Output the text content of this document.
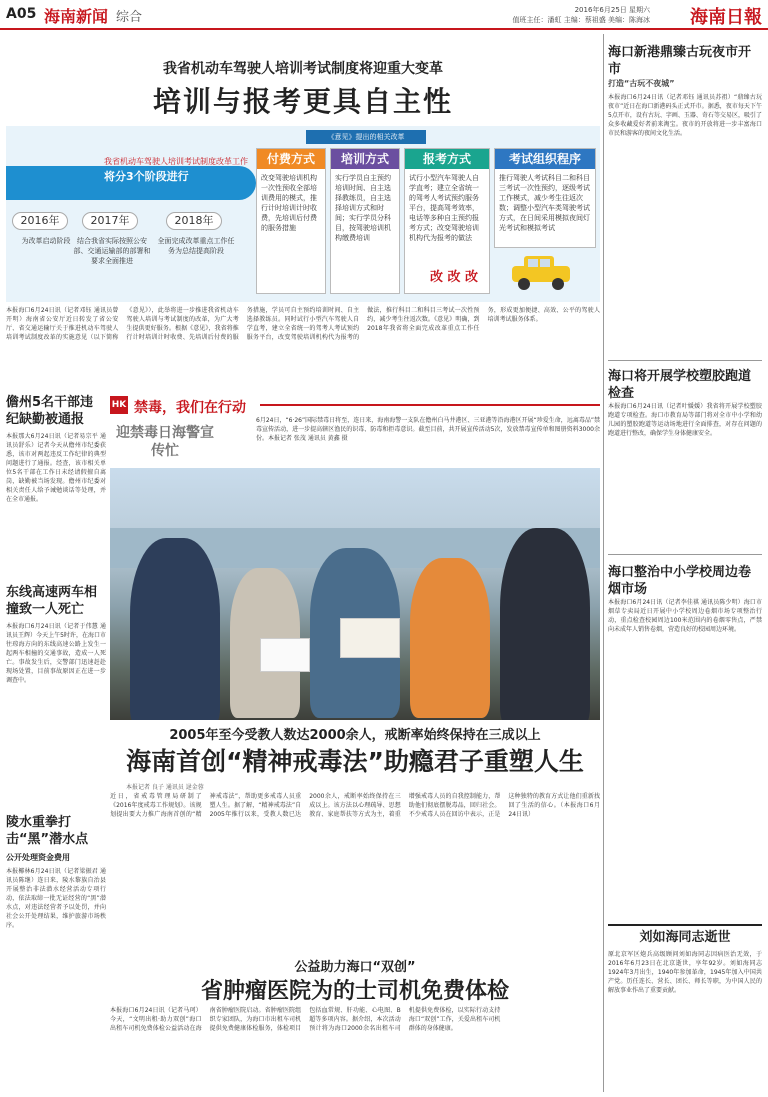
A05 海南新闻 综合	2016年6月25日 星期六
值班主任：潘虹 主编：蔡祖盛 美编：陈海冰 海南日報
我省机动车驾驶人培训考试制度将迎重大变革
培训与报考更具自主性
《意见》提出的相关改革
我省机动车驾驶人培训考试制度改革工作
将分3个阶段进行
2016年	2017年	2018年
为改革启动阶段 结合我省实际按照公安部、交通运输部的部署和要求全面推进
全面完成改革重点工作任务为总结提高阶段
付费方式
改变驾驶培训机构一次性预收全部培训费用的模式，推行计时培训计时收费，先培训后付费的服务措施
培训方式
实行学员自主预约培训时间、自主选择教练员，自主选择培训方式和时间；实行学员分科目，按驾驶培训机构缴费培训
报考方式
试行小型汽车驾驶人自学直考；建立全省统一的驾考人考试预约服务平台，提高驾考效率，电话等多种自主预约报考方式；改变驾驶培训机构代为报考的做法
考试组织程序
推行驾驶人考试科目二和科目三考试一次性预约，逐级考试工作模式，减少考生往返次数；调整小型汽车类驾驶考试方式，在日间采用模拟夜间灯光考试和模拟考试
改 改 改
本报海口6月24日讯（记者邓钰 通讯员曾开明）海南省公安厅近日转发了省公安厅、省交通运输厅关于推进机动车驾驶人培训考试制度改革的实施意见（以下简称《意见》），此举将进一步推进我省机动车驾驶人培训与考试制度的改革，为广大考生提供更好服务。根据《意见》，我省将推行计时培训计时收费、先培训后付费的服务措施，学员可自主预约培训时间、自主选择教练员。同时试行小型汽车驾驶人自学直考，建立全省统一的驾考人考试预约服务平台，改变驾驶培训机构代为报考的做法，推行科目二和科目三考试一次性预约，减少考生往返次数。《意见》明确，到2018年我省将全面完成改革重点工作任务，形成更加便捷、高效、公平的驾驶人培训考试服务体系。
儋州5名干部违纪缺勤被通报
本报那大6月24日讯（记者易宗平 通讯员舒乐）记者今天从儋州市纪委获悉，该市对两起违反工作纪律的典型问题进行了通报。经查，该市相关单位5名干部在工作日未经请假擅自离岗，缺勤被当场发现。儋州市纪委对相关责任人给予诫勉谈话等处理，并在全市通报。
东线高速两车相撞致一人死亡
本报海口6月24日讯（记者于伟慧 通讯员王辉）今天上午5时许，在海口市往琼海方向的东线高速公路上发生一起两车相撞的交通事故，造成一人死亡。事故发生后，交警部门迅速赶赴现场处置，目前事故原因正在进一步调查中。
陵水重拳打击“黑”潜水点
公开处理资金费用
本报椰林6月24日讯（记者梁振君 通讯员陈继）连日来，陵水黎族自治县开展整治非法潜水经营活动专项行动，依法取缔一批无证经营的“黑”潜水点，对违法经营者予以处罚，并向社会公开处理结果，维护旅游市场秩序。
HK 禁毒，我们在行动
迎禁毒日海警宣传忙
6月24日，“6·26”国际禁毒日将至，连日来，海南海警一支队在儋州白马井港区、三亚港等沿海港区开展“珍爱生命，远离毒品”禁毒宣传活动，进一步提高辖区渔民的识毒、防毒和拒毒意识。截至目前，共开展宣传活动5次，发放禁毒宣传单和图册资料3000余份。本报记者 张茂 通讯员 黄鑫 摄
2005年至今受教人数达2000余人，戒断率始终保持在三成以上
海南首创“精神戒毒法”助瘾君子重塑人生
本报记者 良子 通讯员 逯金蓉
近日，省戒毒管理局研制了《2016年度戒毒工作规划》。该规划提出要大力推广海南首创的“精神戒毒法”，帮助更多戒毒人员重塑人生。据了解，“精神戒毒法”自2005年推行以来，受教人数已达2000余人，戒断率始终保持在三成以上。该方法以心理疏导、思想教育、家庭帮扶等方式为主，着重增强戒毒人员的自我控制能力，帮助他们彻底摆脱毒品，回归社会。不少戒毒人员在回访中表示，正是这种独特的教育方式让他们重新找回了生活的信心。（本报海口6月24日讯）
公益助力海口“双创”
省肿瘤医院为的士司机免费体检
本报海口6月24日讯（记者马珂）今天，“文明出租·助力双创”海口出租车司机免费体检公益活动在海南省肿瘤医院启动。省肿瘤医院组织专家团队，为海口市出租车司机提供免费健康体检服务，体检项目包括血常规、肝功能、心电图、B超等多项内容。据介绍，本次活动预计将为海口2000余名出租车司机提供免费体检，以实际行动支持海口“双创”工作，关爱出租车司机群体的身体健康。
海口新港鼎臻古玩夜市开市
打造“古玩不夜城”
本报海口6月24日讯（记者邓钰 通讯员苏祖）“鼎臻古玩夜市”近日在海口新港码头正式开市。据悉，夜市每天下午5点开市，设有古玩、字画、玉器、奇石等交易区，吸引了众多收藏爱好者前来淘宝。夜市的开放将进一步丰富海口市民和游客的夜间文化生活。
海口将开展学校塑胶跑道检查
本报海口6月24日讯（记者叶媛媛）我省将开展学校塑胶跑道专项检查。海口市教育局等部门将对全市中小学和幼儿园的塑胶跑道等运动场地进行全面排查，对存在问题的跑道进行整改，确保学生身体健康安全。
海口整治中小学校周边卷烟市场
本报海口6月24日讯（记者李佳祺 通讯员陈少明）海口市烟草专卖局近日开展中小学校周边卷烟市场专项整治行动，重点检查校园周边100米范围内的卷烟零售点，严禁向未成年人销售卷烟，营造良好的校园周边环境。
刘如海同志逝世
原北京军区炮兵高级顾问刘如海同志因病医治无效，于2016年6月23日在北京逝世，享年92岁。刘如海同志1924年3月出生，1940年参加革命，1945年加入中国共产党。历任连长、营长、团长、师长等职，为中国人民的解放事业作出了重要贡献。
